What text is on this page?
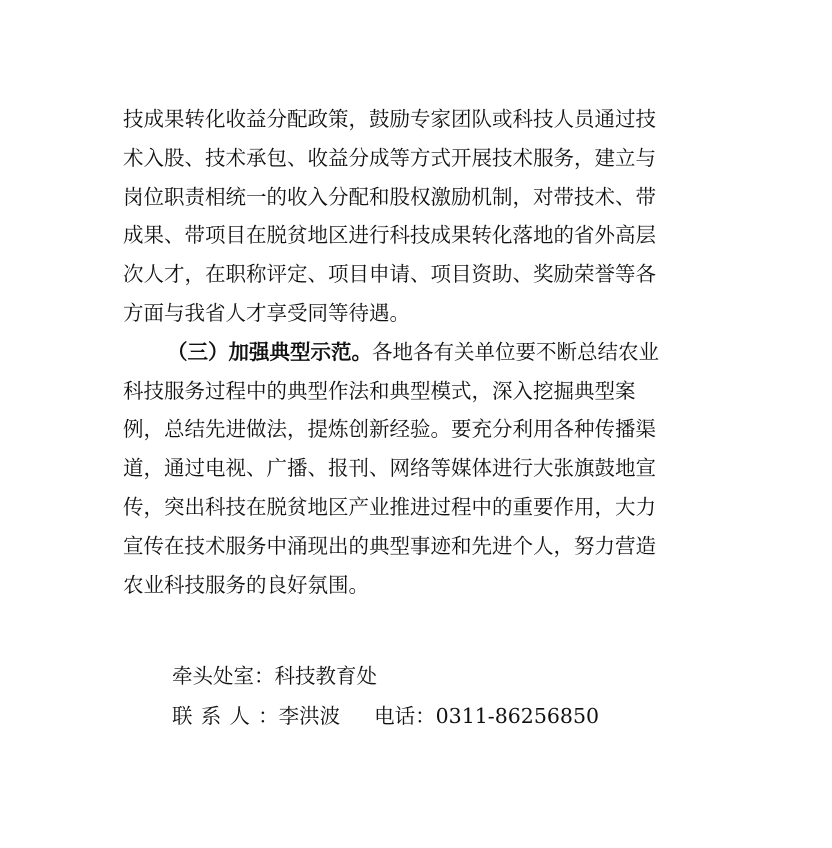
技成果转化收益分配政策，鼓励专家团队或科技人员通过技
术入股、技术承包、收益分成等方式开展技术服务，建立与
岗位职责相统一的收入分配和股权激励机制，对带技术、带
成果、带项目在脱贫地区进行科技成果转化落地的省外高层
次人才，在职称评定、项目申请、项目资助、奖励荣誉等各
方面与我省人才享受同等待遇。
（三）加强典型示范。各地各有关单位要不断总结农业
科技服务过程中的典型作法和典型模式，深入挖掘典型案
例，总结先进做法，提炼创新经验。要充分利用各种传播渠
道，通过电视、广播、报刊、网络等媒体进行大张旗鼓地宣
传，突出科技在脱贫地区产业推进过程中的重要作用，大力
宣传在技术服务中涌现出的典型事迹和先进个人，努力营造
农业科技服务的良好氛围。
牵头处室：科技教育处
联系人：李洪波 电话：0311-86256850
